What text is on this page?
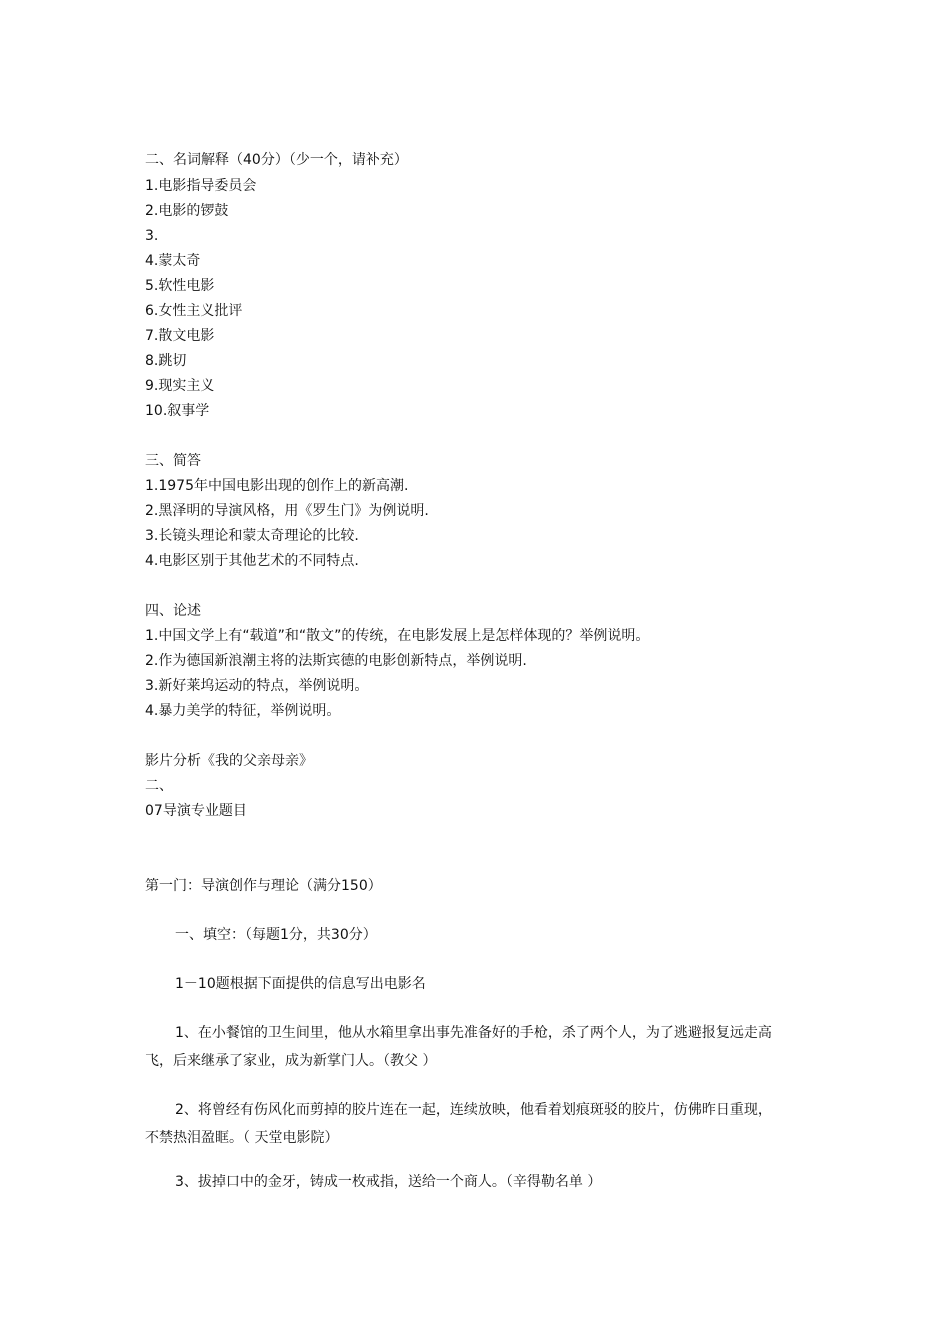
二、名词解释（40分）（少一个，请补充）
1.电影指导委员会
2.电影的锣鼓
3.
4.蒙太奇
5.软性电影
6.女性主义批评
7.散文电影
8.跳切
9.现实主义
10.叙事学
三、简答
1.1975年中国电影出现的创作上的新高潮.
2.黑泽明的导演风格，用《罗生门》为例说明.
3.长镜头理论和蒙太奇理论的比较.
4.电影区别于其他艺术的不同特点.
四、论述
1.中国文学上有“载道”和“散文”的传统，在电影发展上是怎样体现的？举例说明。
2.作为德国新浪潮主将的法斯宾德的电影创新特点，举例说明.
3.新好莱坞运动的特点，举例说明。
4.暴力美学的特征，举例说明。
影片分析《我的父亲母亲》
二、
07导演专业题目
第一门：导演创作与理论（满分150）
一、填空：（每题1分，共30分）
1－10题根据下面提供的信息写出电影名
1、在小餐馆的卫生间里，他从水箱里拿出事先准备好的手枪，杀了两个人，为了逃避报复远走高飞，后来继承了家业，成为新掌门人。（教父 ）
2、将曾经有伤风化而剪掉的胶片连在一起，连续放映，他看着划痕斑驳的胶片，仿佛昨日重现，不禁热泪盈眶。（ 天堂电影院）
3、拔掉口中的金牙，铸成一枚戒指，送给一个商人。（辛得勒名单 ）
